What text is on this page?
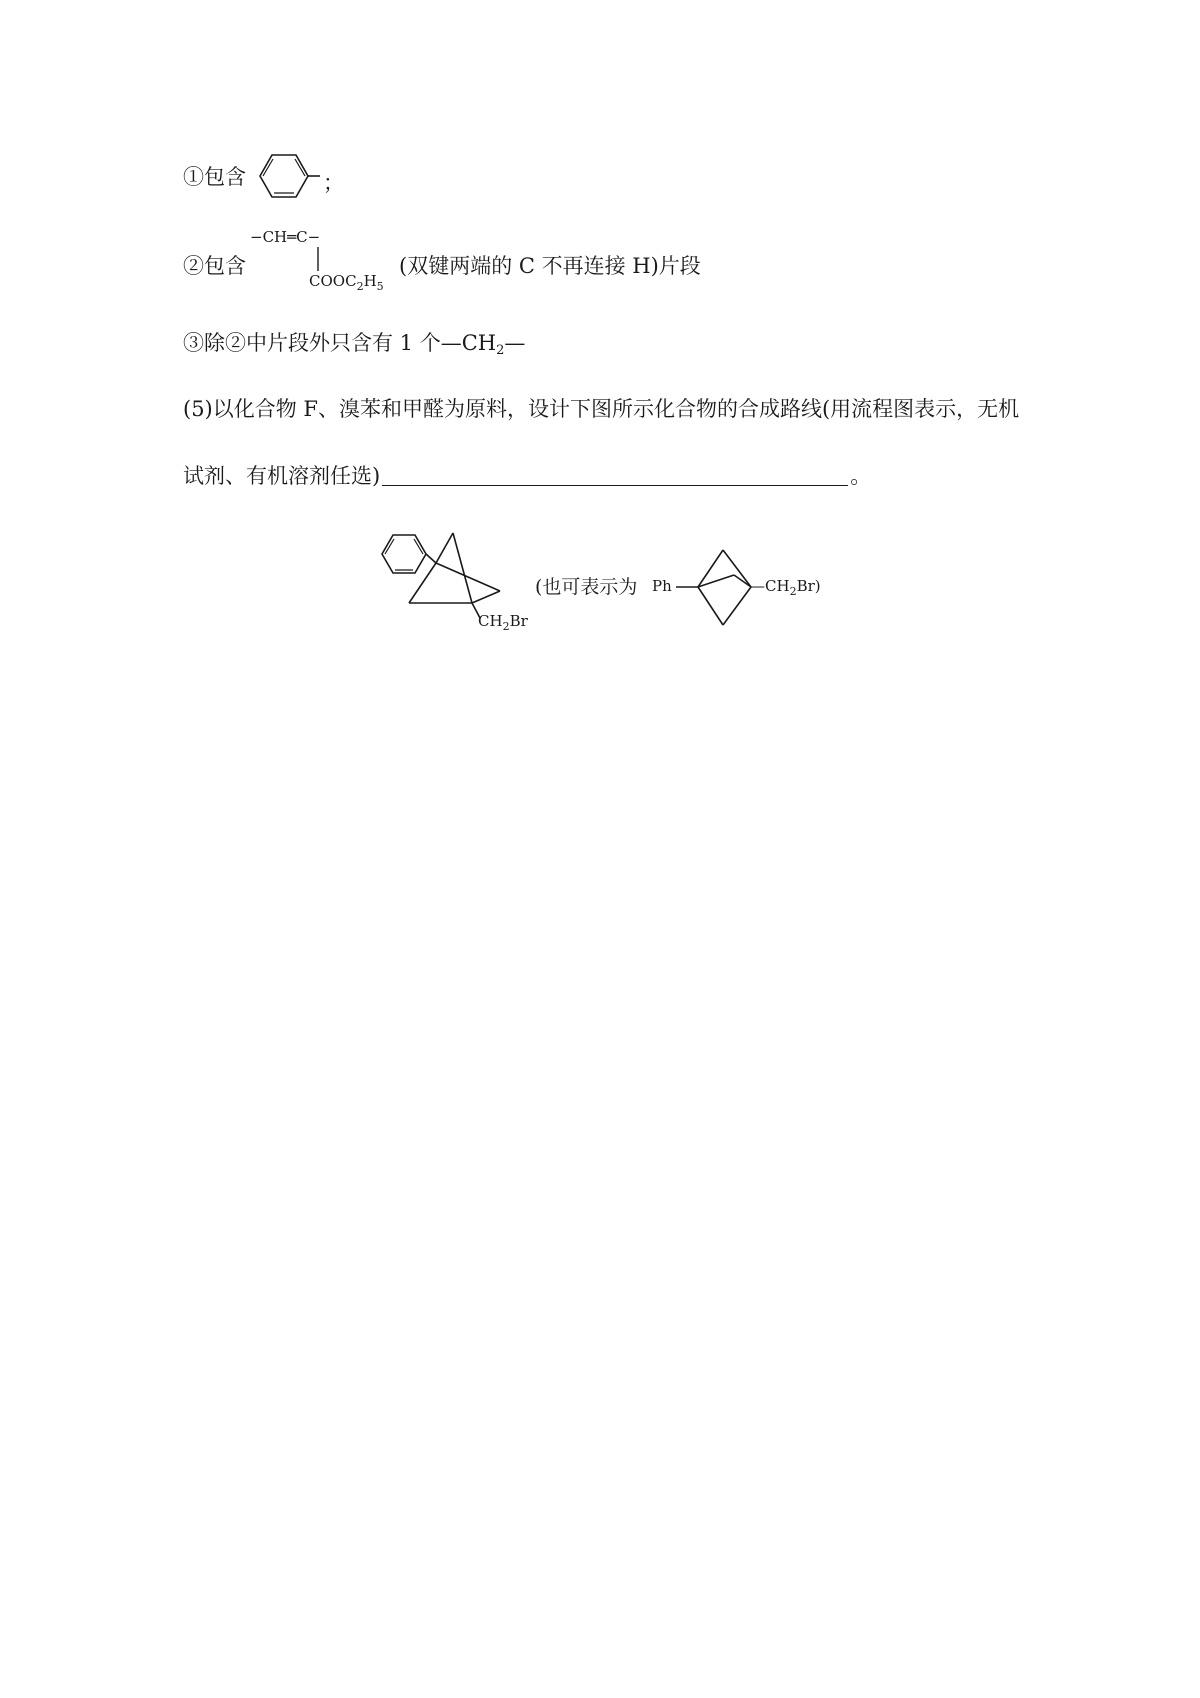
①包含	；
②包含
−CH═C−
$COOC_2H_5$
(双键两端的 C 不再连接 H)片段
③除②中片段外只含有 1 个$—CH_2—$
(5)以化合物 F、溴苯和甲醛为原料，设计下图所示化合物的合成路线(用流程图表示，无机
试剂、有机溶剂任选)	。
$CH_2Br$
(也可表示为 Ph	$—CH_2Br$)
